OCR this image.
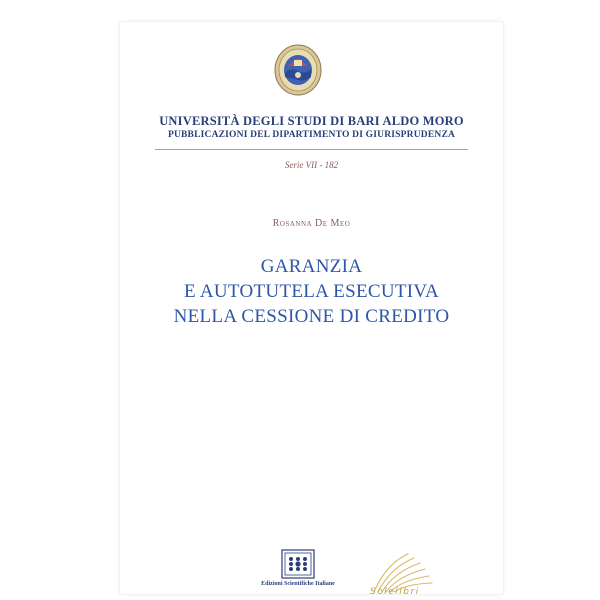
UNIVERSITÀ DEGLI STUDI DI BARI ALDO MORO
PUBBLICAZIONI DEL DIPARTIMENTO DI GIURISPRUDENZA
Serie VII - 182
Rosanna De Meo
GARANZIA
E AUTOTUTELA ESECUTIVA
NELLA CESSIONE DI CREDITO
Edizioni Scientifiche Italiane
Solelibri
